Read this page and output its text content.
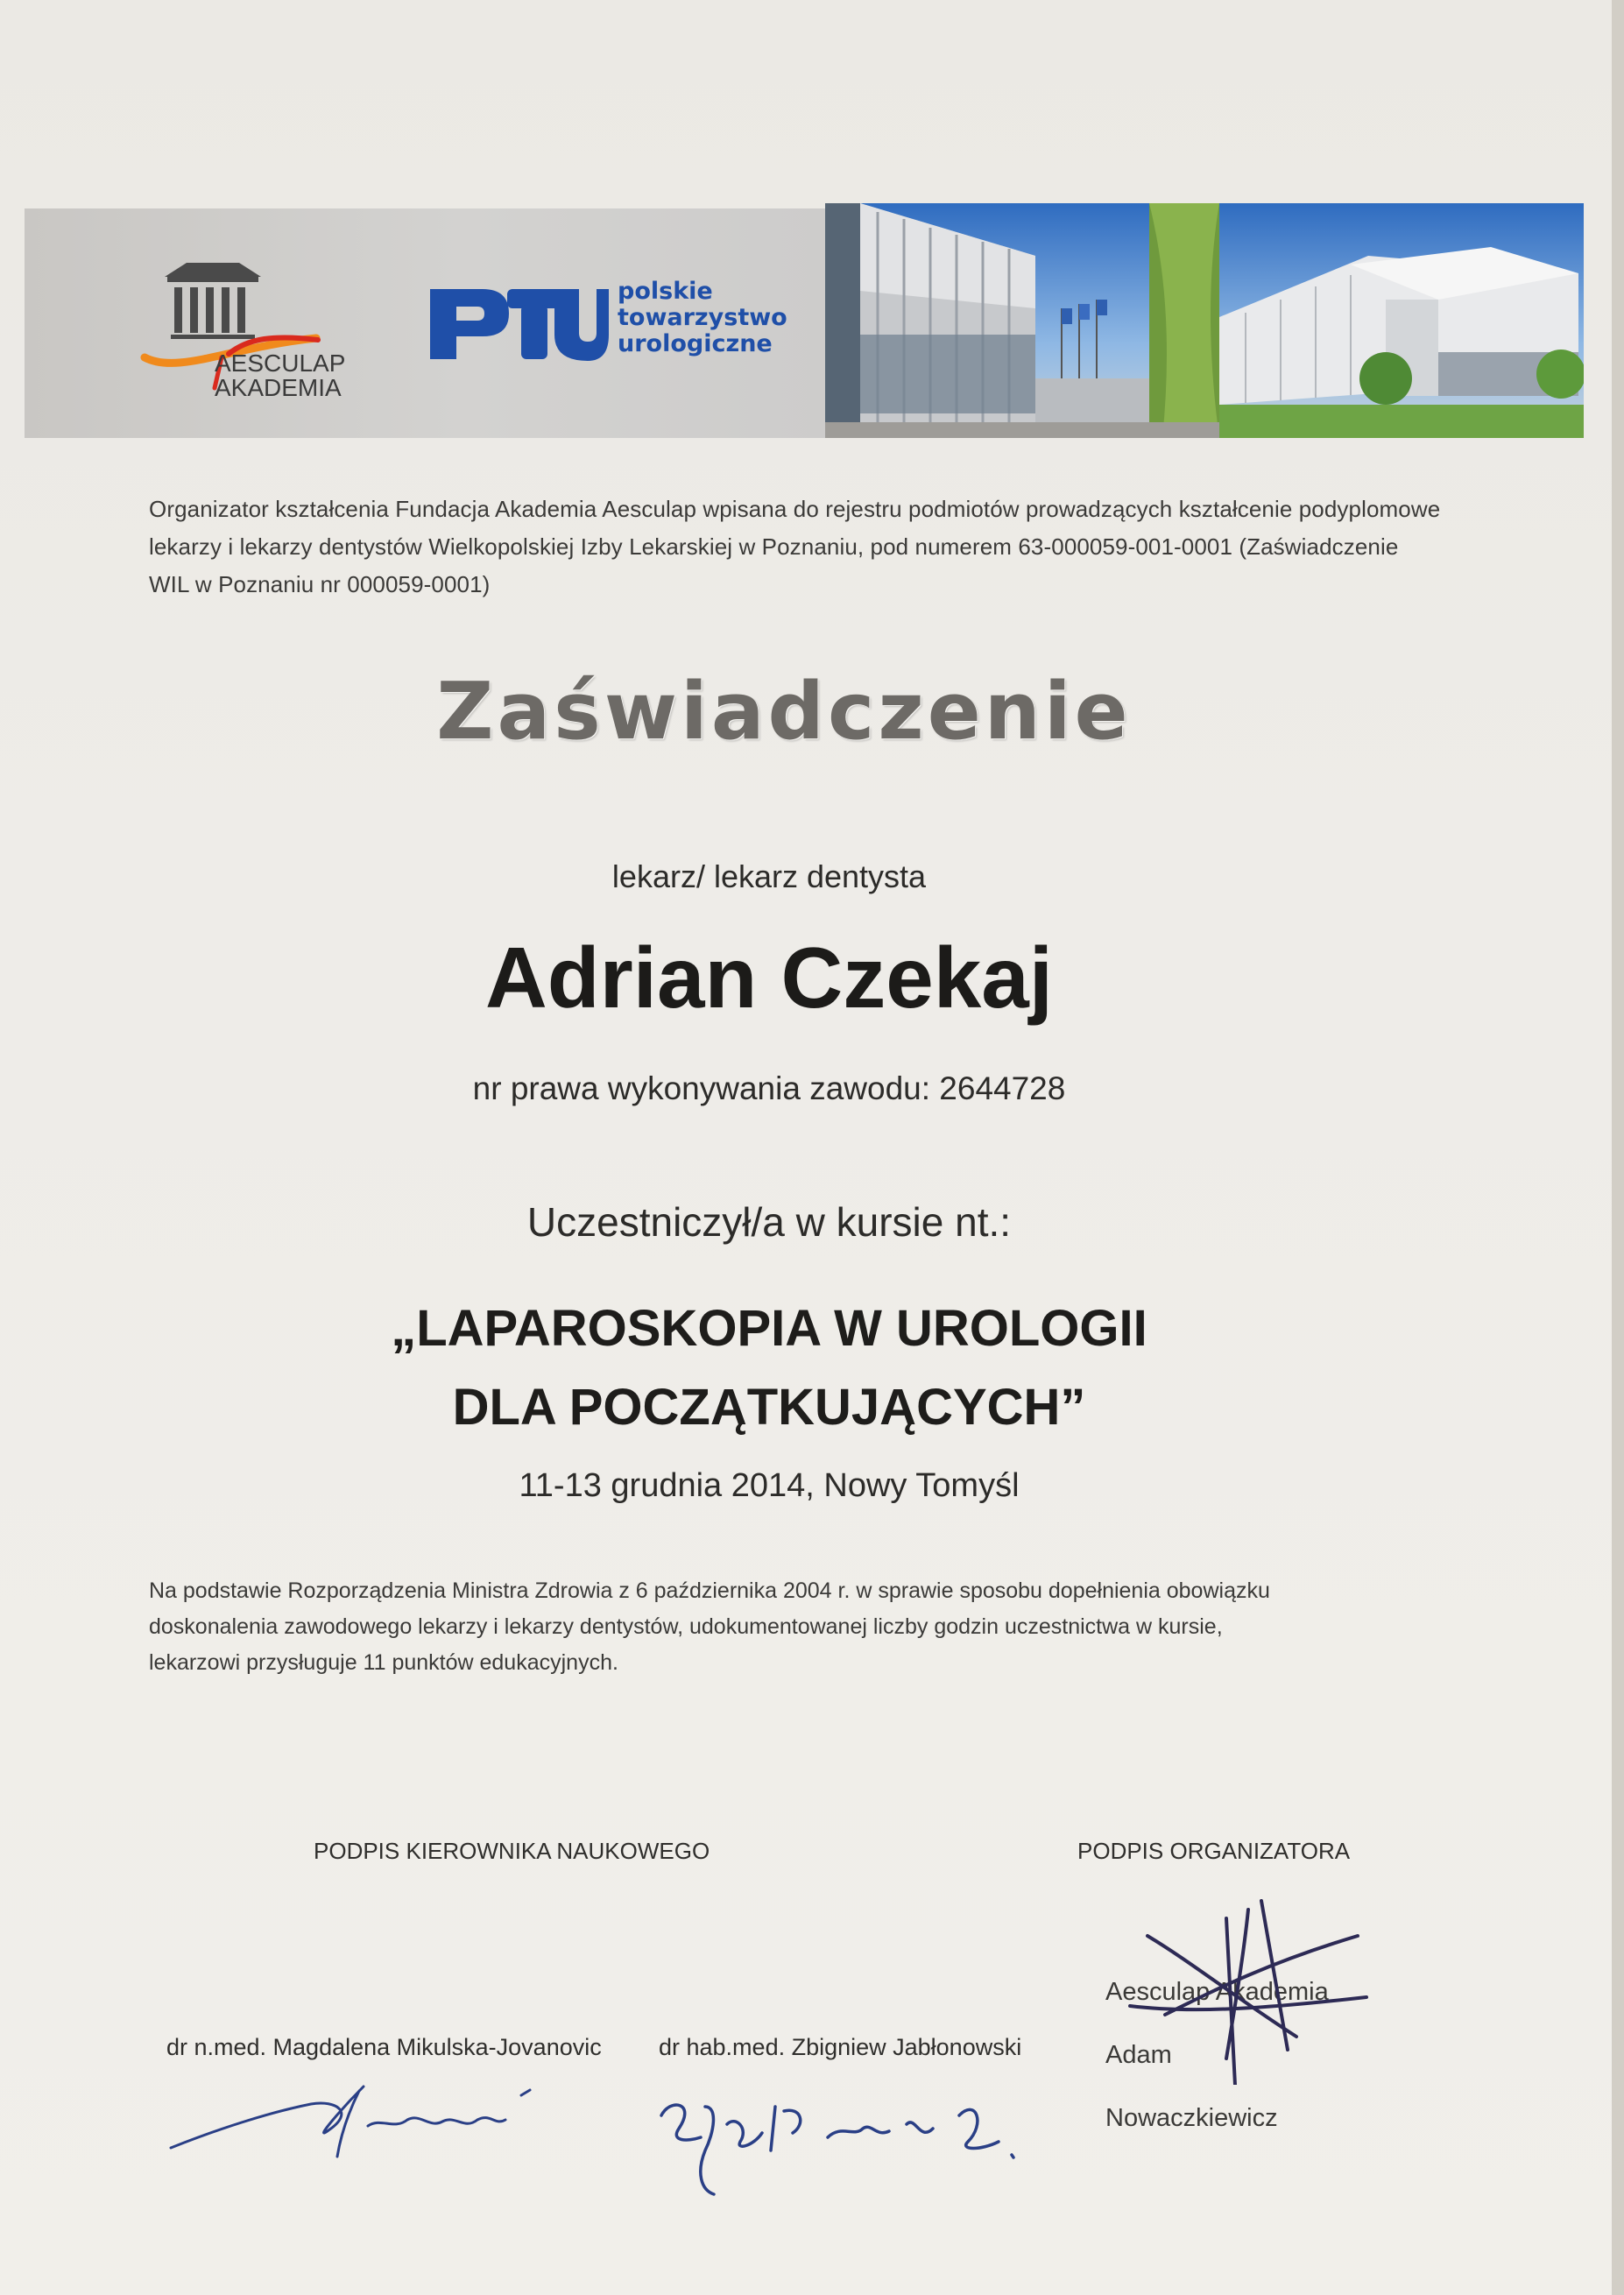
AESCULAP
AKADEMIA
polskie
towarzystwo
urologiczne
Organizator kształcenia Fundacja Akademia Aesculap wpisana do rejestru podmiotów prowadzących kształcenie podyplomowe
lekarzy i lekarzy dentystów Wielkopolskiej Izby Lekarskiej w Poznaniu, pod numerem 63-000059-001-0001 (Zaświadczenie
WIL w Poznaniu nr 000059-0001)
Zaświadczenie
lekarz/ lekarz dentysta
Adrian Czekaj
nr prawa wykonywania zawodu: 2644728
Uczestniczył/a w kursie nt.:
„LAPAROSKOPIA W UROLOGII
DLA POCZĄTKUJĄCYCH”
11-13 grudnia 2014, Nowy Tomyśl
Na podstawie Rozporządzenia Ministra Zdrowia z 6 października 2004 r. w sprawie sposobu dopełnienia obowiązku
doskonalenia zawodowego lekarzy i lekarzy dentystów, udokumentowanej liczby godzin uczestnictwa w kursie,
lekarzowi przysługuje 11 punktów edukacyjnych.
PODPIS KIEROWNIKA NAUKOWEGO	PODPIS ORGANIZATORA
dr n.med. Magdalena Mikulska-Jovanovic dr hab.med. Zbigniew Jabłonowski
Aesculap Akademia
Adam Nowaczkiewicz
